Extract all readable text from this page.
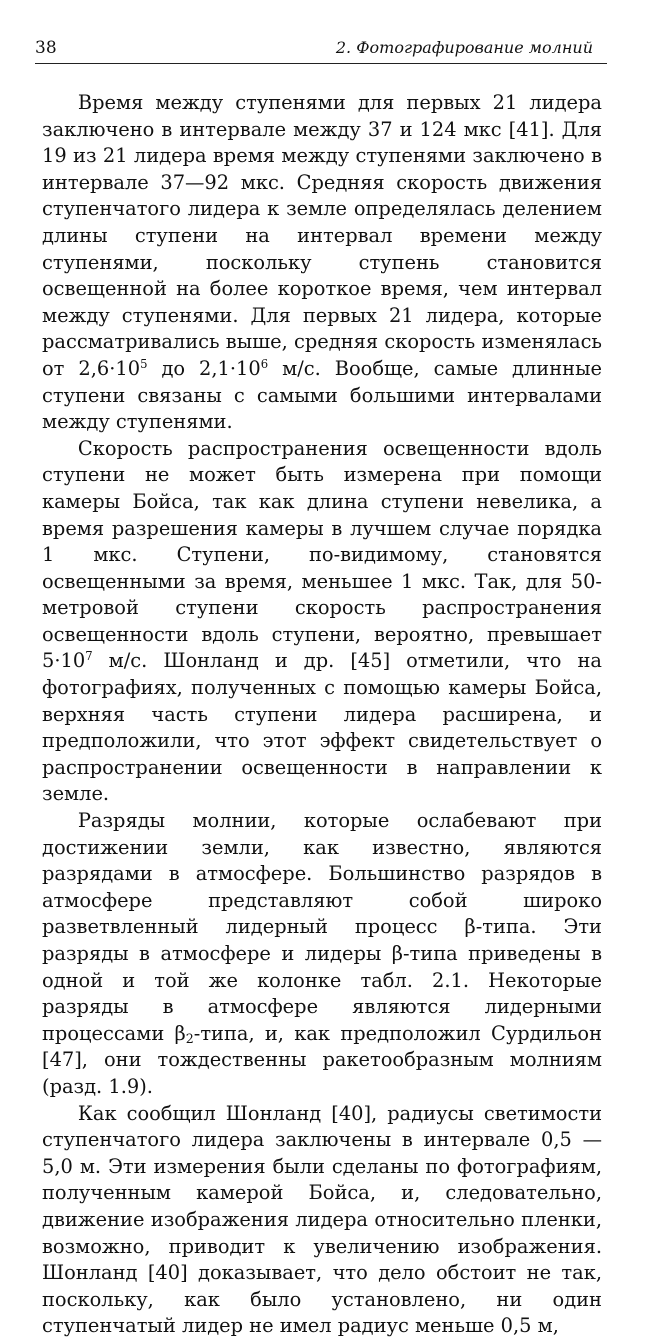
38	2. Фотографирование молний

Время между ступенями для первых 21 лидера заключено в интервале между 37 и 124 мкс [41]. Для 19 из 21 лидера время между ступенями заключено в интервале 37—92 мкс. Средняя скорость движения ступенчатого лидера к земле определялась делением длины ступени на интервал времени между ступенями, поскольку ступень становится освещенной на более короткое время, чем интервал между ступенями. Для первых 21 лидера, которые рассматривались выше, средняя скорость изменялась от $2,6\cdot 10^5$ до $2,1\cdot 10^6$ м/с. Вообще, самые длинные ступени связаны с самыми большими интервалами между ступенями.

Скорость распространения освещенности вдоль ступени не может быть измерена при помощи камеры Бойса, так как длина ступени невелика, а время разрешения камеры в лучшем случае порядка 1 мкс. Ступени, по-видимому, становятся освещенными за время, меньшее 1 мкс. Так, для 50-метровой ступени скорость распространения освещенности вдоль ступени, вероятно, превышает $5\cdot 10^7$ м/с. Шонланд и др. [45] отметили, что на фотографиях, полученных с помощью камеры Бойса, верхняя часть ступени лидера расширена, и предположили, что этот эффект свидетельствует о распространении освещенности в направлении к земле.

Разряды молнии, которые ослабевают при достижении земли, как известно, являются разрядами в атмосфере. Большинство разрядов в атмосфере представляют собой широко разветвленный лидерный процесс β-типа. Эти разряды в атмосфере и лидеры β-типа приведены в одной и той же колонке табл. 2.1. Некоторые разряды в атмосфере являются лидерными процессами $\beta_2$-типа, и, как предположил Сурдильон [47], они тождественны ракетообразным молниям (разд. 1.9).

Как сообщил Шонланд [40], радиусы светимости ступенчатого лидера заключены в интервале 0,5 — 5,0 м. Эти измерения были сделаны по фотографиям, полученным камерой Бойса, и, следовательно, движение изображения лидера относительно пленки, возможно, приводит к увеличению изображения. Шонланд [40] доказывает, что дело обстоит не так, поскольку, как было установлено, ни один ступенчатый лидер не имел радиус меньше 0,5 м,
